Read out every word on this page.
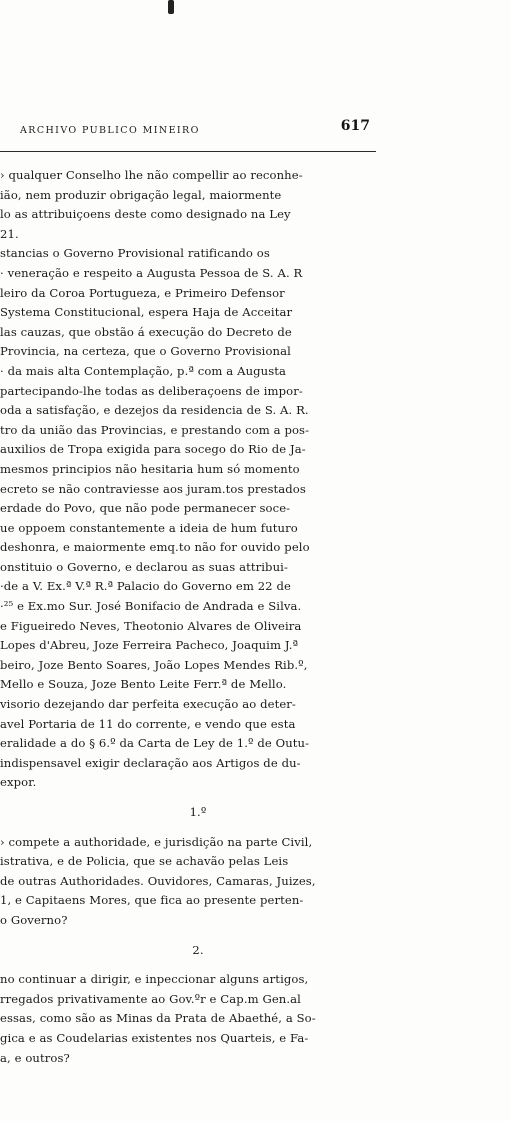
ARCHIVO PUBLICO MINEIRO	617
› qualquer Conselho lhe não compellir ao reconhe-
ião, nem produzir obrigação legal, maiormente
lo as attribuiçoens deste como designado na Ley
21.
stancias o Governo Provisional ratificando os
· veneração e respeito a Augusta Pessoa de S. A. R
leiro da Coroa Portugueza, e Primeiro Defensor
Systema Constitucional, espera Haja de Acceitar
las cauzas, que obstão á execução do Decreto de
Provincia, na certeza, que o Governo Provisional
· da mais alta Contemplação, p.ª com a Augusta
partecipando-lhe todas as deliberaçoens de impor-
oda a satisfação, e dezejos da residencia de S. A. R.
tro da união das Provincias, e prestando com a pos-
auxilios de Tropa exigida para socego do Rio de Ja-
mesmos principios não hesitaria hum só momento
ecreto se não contraviesse aos juram.tos prestados
erdade do Povo, que não pode permanecer soce-
ue oppoem constantemente a ideia de hum futuro
deshonra, e maiormente emq.to não for ouvido pelo
onstituio o Governo, e declarou as suas attribui-
·de a V. Ex.ª V.ª R.ª Palacio do Governo em 22 de
·²⁵ e Ex.mo Sur. José Bonifacio de Andrada e Silva.
e Figueiredo Neves, Theotonio Alvares de Oliveira
Lopes d'Abreu, Joze Ferreira Pacheco, Joaquim J.ª
beiro, Joze Bento Soares, João Lopes Mendes Rib.º,
Mello e Souza, Joze Bento Leite Ferr.ª de Mello.
visorio dezejando dar perfeita execução ao deter-
avel Portaria de 11 do corrente, e vendo que esta
eralidade a do § 6.º da Carta de Ley de 1.º de Outu-
indispensavel exigir declaração aos Artigos de du-
expor.
1.º
› compete a authoridade, e jurisdição na parte Civil,
istrativa, e de Policia, que se achavão pelas Leis
de outras Authoridades. Ouvidores, Camaras, Juizes,
1, e Capitaens Mores, que fica ao presente perten-
o Governo?
2.
no continuar a dirigir, e inpeccionar alguns artigos,
rregados privativamente ao Gov.ºr e Cap.m Gen.al
essas, como são as Minas da Prata de Abaethé, a So-
gica e as Coudelarias existentes nos Quarteis, e Fa-
a, e outros?
